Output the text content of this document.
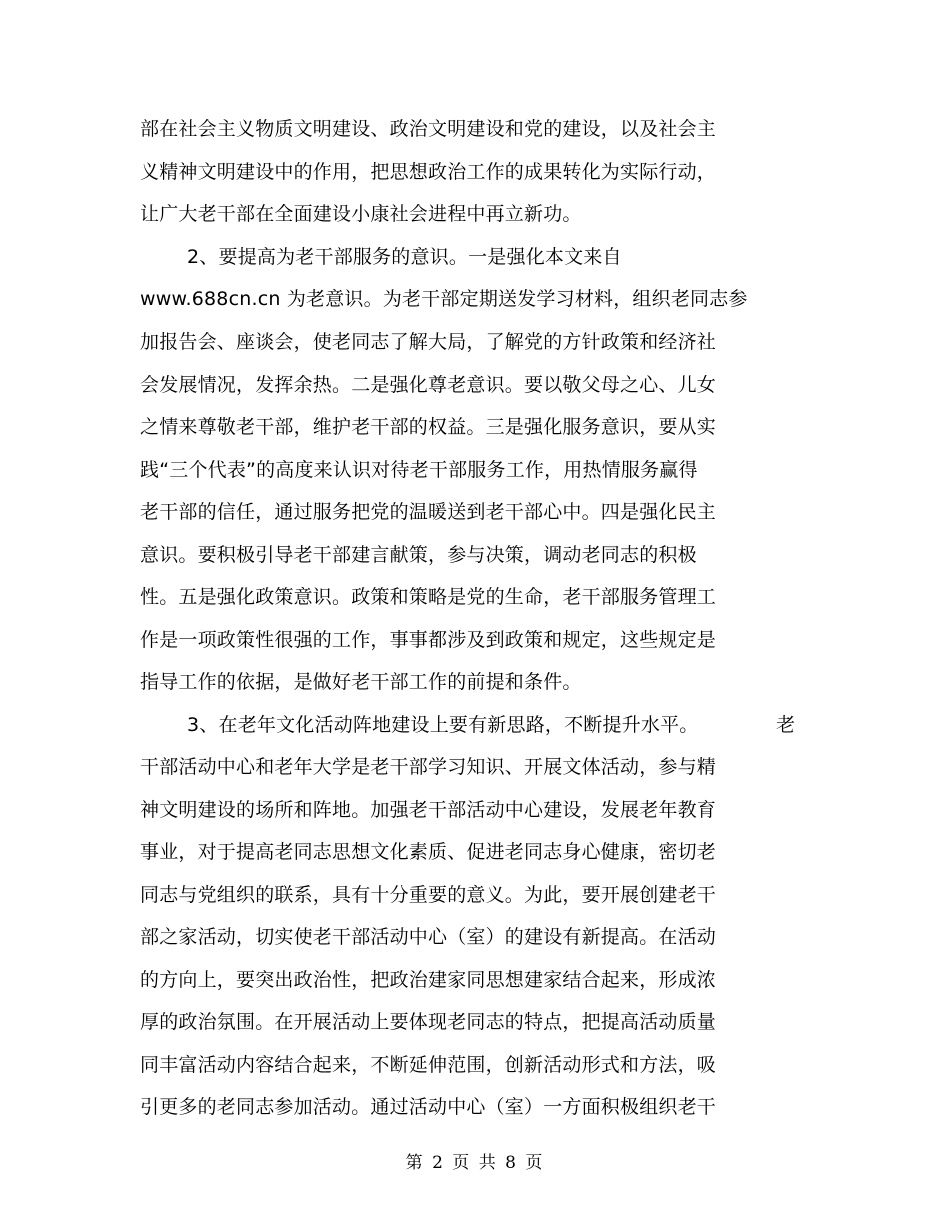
部在社会主义物质文明建设、政治文明建设和党的建设，以及社会主
义精神文明建设中的作用，把思想政治工作的成果转化为实际行动，
让广大老干部在全面建设小康社会进程中再立新功。
2、要提高为老干部服务的意识。一是强化本文来自
www.688cn.cn 为老意识。为老干部定期送发学习材料，组织老同志参
加报告会、座谈会，使老同志了解大局，了解党的方针政策和经济社
会发展情况，发挥余热。二是强化尊老意识。要以敬父母之心、儿女
之情来尊敬老干部，维护老干部的权益。三是强化服务意识，要从实
践“三个代表”的高度来认识对待老干部服务工作，用热情服务赢得
老干部的信任，通过服务把党的温暖送到老干部心中。四是强化民主
意识。要积极引导老干部建言献策，参与决策，调动老同志的积极
性。五是强化政策意识。政策和策略是党的生命，老干部服务管理工
作是一项政策性很强的工作，事事都涉及到政策和规定，这些规定是
指导工作的依据，是做好老干部工作的前提和条件。
3、在老年文化活动阵地建设上要有新思路，不断提升水平。	老
干部活动中心和老年大学是老干部学习知识、开展文体活动，参与精
神文明建设的场所和阵地。加强老干部活动中心建设，发展老年教育
事业，对于提高老同志思想文化素质、促进老同志身心健康，密切老
同志与党组织的联系，具有十分重要的意义。为此，要开展创建老干
部之家活动，切实使老干部活动中心（室）的建设有新提高。在活动
的方向上，要突出政治性，把政治建家同思想建家结合起来，形成浓
厚的政治氛围。在开展活动上要体现老同志的特点，把提高活动质量
同丰富活动内容结合起来，不断延伸范围，创新活动形式和方法，吸
引更多的老同志参加活动。通过活动中心（室）一方面积极组织老干
第 2 页 共 8 页
